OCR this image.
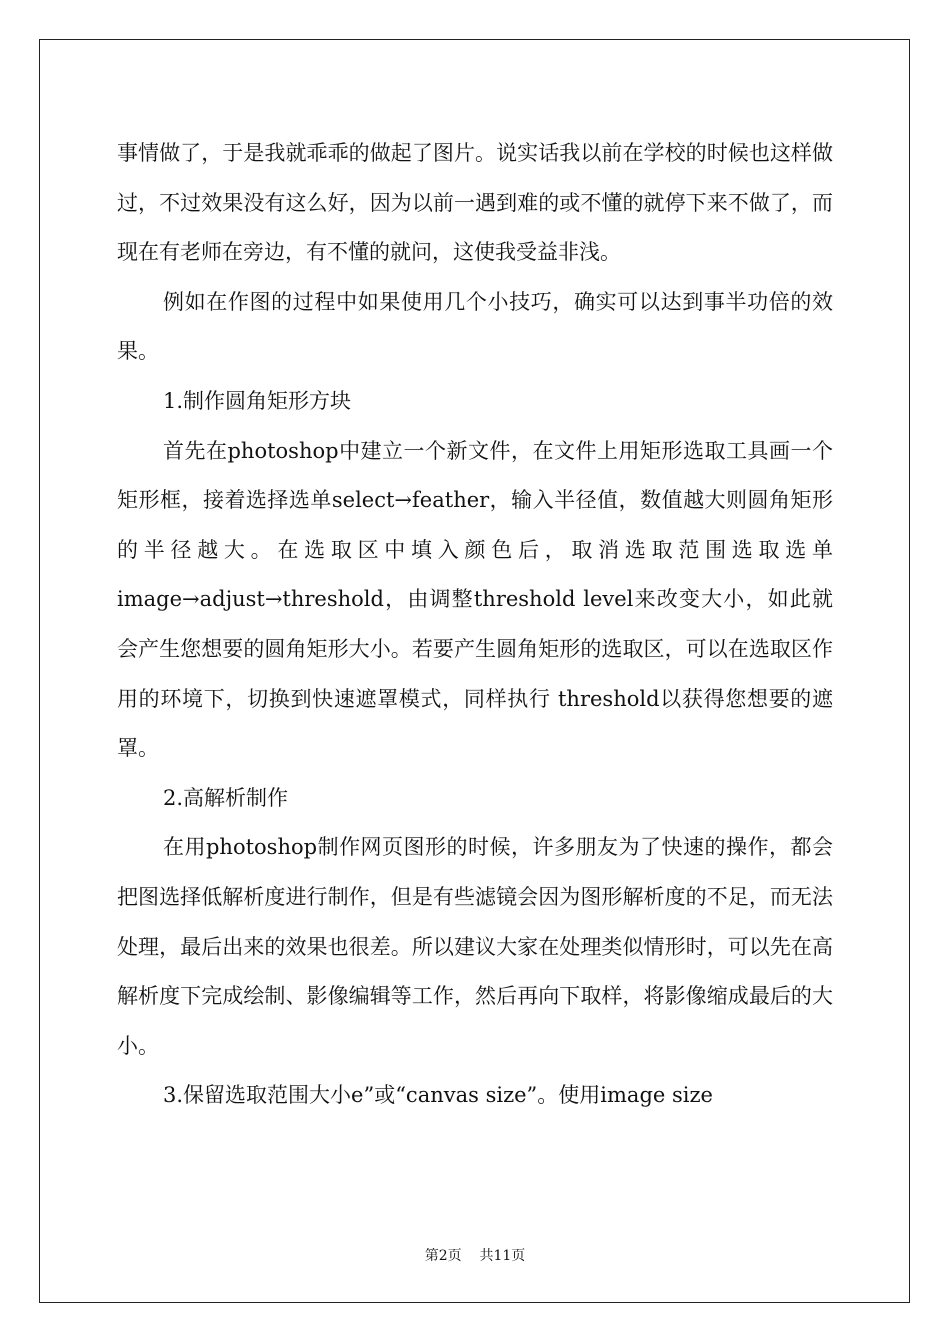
事情做了，于是我就乖乖的做起了图片。说实话我以前在学校的时候也这样做过，不过效果没有这么好，因为以前一遇到难的或不懂的就停下来不做了，而现在有老师在旁边，有不懂的就问，这使我受益非浅。

例如在作图的过程中如果使用几个小技巧，确实可以达到事半功倍的效果。

1.制作圆角矩形方块

首先在photoshop中建立一个新文件，在文件上用矩形选取工具画一个矩形框，接着选择选单select→feather，输入半径值，数值越大则圆角矩形的半径越大。在选取区中填入颜色后，取消选取范围选取选单image→adjust→threshold，由调整threshold level来改变大小，如此就会产生您想要的圆角矩形大小。若要产生圆角矩形的选取区，可以在选取区作用的环境下，切换到快速遮罩模式，同样执行 threshold以获得您想要的遮罩。

2.高解析制作

在用photoshop制作网页图形的时候，许多朋友为了快速的操作，都会把图选择低解析度进行制作，但是有些滤镜会因为图形解析度的不足，而无法处理，最后出来的效果也很差。所以建议大家在处理类似情形时，可以先在高解析度下完成绘制、影像编辑等工作，然后再向下取样，将影像缩成最后的大小。

3.保留选取范围大小e”或“canvas size”。使用image size

第2页 共11页
